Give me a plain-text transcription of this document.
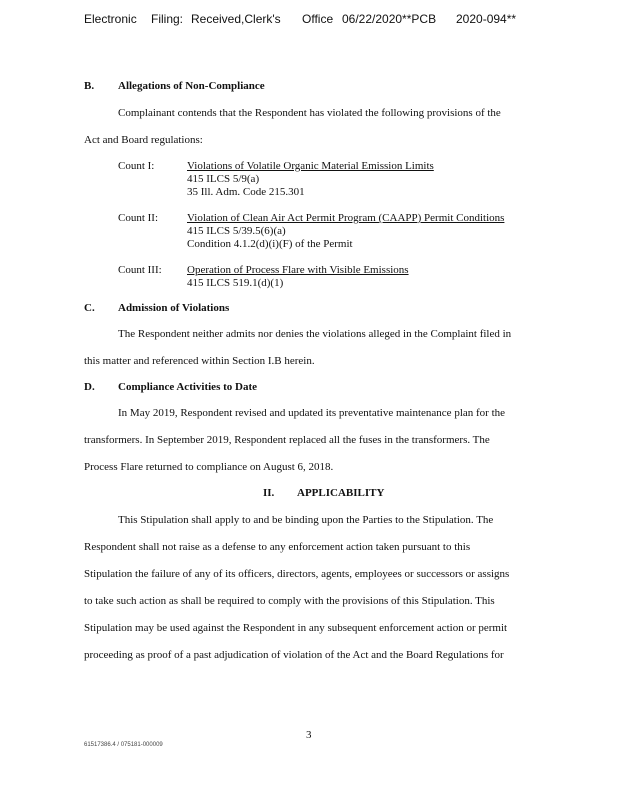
Electronic Filing: Received,Clerk's Office 06/22/2020**PCB 2020-094**
B. Allegations of Non-Compliance
Complainant contends that the Respondent has violated the following provisions of the
Act and Board regulations:
Count I:	Violations of Volatile Organic Material Emission Limits
415 ILCS 5/9(a)
35 Ill. Adm. Code 215.301
Count II:	Violation of Clean Air Act Permit Program (CAAPP) Permit Conditions
415 ILCS 5/39.5(6)(a)
Condition 4.1.2(d)(i)(F) of the Permit
Count III: Operation of Process Flare with Visible Emissions
415 ILCS 519.1(d)(1)
C. Admission of Violations
The Respondent neither admits nor denies the violations alleged in the Complaint filed in
this matter and referenced within Section I.B herein.
D. Compliance Activities to Date
In May 2019, Respondent revised and updated its preventative maintenance plan for the
transformers. In September 2019, Respondent replaced all the fuses in the transformers. The
Process Flare returned to compliance on August 6, 2018.
II. APPLICABILITY
This Stipulation shall apply to and be binding upon the Parties to the Stipulation. The
Respondent shall not raise as a defense to any enforcement action taken pursuant to this
Stipulation the failure of any of its officers, directors, agents, employees or successors or assigns
to take such action as shall be required to comply with the provisions of this Stipulation. This
Stipulation may be used against the Respondent in any subsequent enforcement action or permit
proceeding as proof of a past adjudication of violation of the Act and the Board Regulations for
3
61517386.4 / 075181-000009
